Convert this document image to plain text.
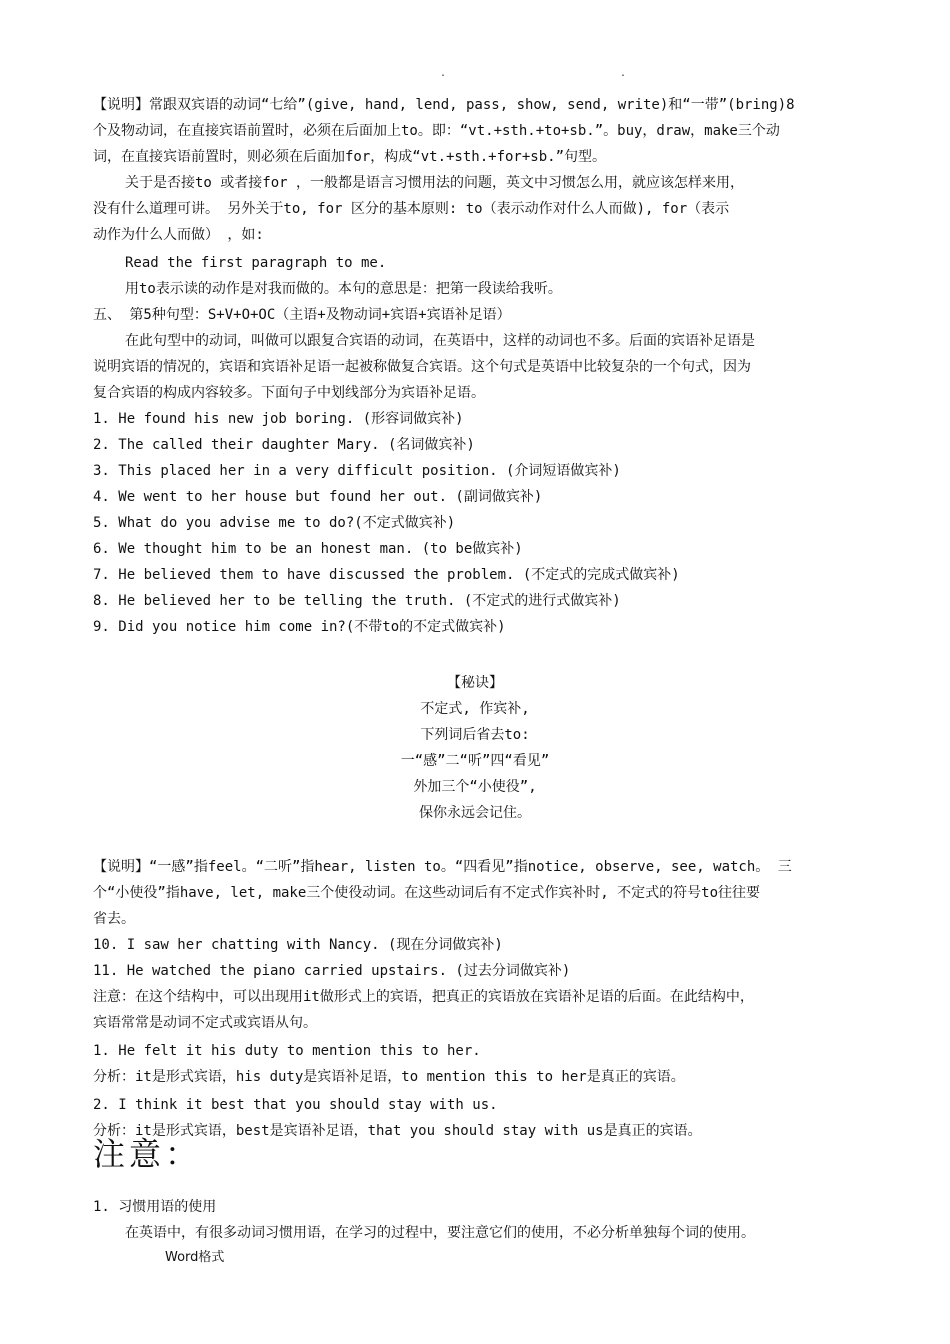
. .
【说明】常跟双宾语的动词“七给”(give, hand, lend, pass, show, send, write)和“一带”(bring)8
个及物动词，在直接宾语前置时，必须在后面加上to。即：“vt.+sth.+to+sb.”。buy，draw，make三个动
词，在直接宾语前置时，则必须在后面加for，构成“vt.+sth.+for+sb.”句型。
关于是否接to 或者接for ，一般都是语言习惯用法的问题，英文中习惯怎么用，就应该怎样来用，
没有什么道理可讲。 另外关于to, for 区分的基本原则: to（表示动作对什么人而做), for（表示
动作为什么人而做） ，如:
Read the first paragraph to me.
用to表示读的动作是对我而做的。本句的意思是：把第一段读给我听。
五、 第5种句型：S+V+O+OC（主语+及物动词+宾语+宾语补足语）
在此句型中的动词，叫做可以跟复合宾语的动词，在英语中，这样的动词也不多。后面的宾语补足语是
说明宾语的情况的，宾语和宾语补足语一起被称做复合宾语。这个句式是英语中比较复杂的一个句式，因为
复合宾语的构成内容较多。下面句子中划线部分为宾语补足语。
1. He found his new job boring. (形容词做宾补)
2. The called their daughter Mary. (名词做宾补)
3. This placed her in a very difficult position. (介词短语做宾补)
4. We went to her house but found her out. (副词做宾补)
5. What do you advise me to do?(不定式做宾补)
6. We thought him to be an honest man. (to be做宾补)
7. He believed them to have discussed the problem. (不定式的完成式做宾补)
8. He believed her to be telling the truth. (不定式的进行式做宾补)
9. Did you notice him come in?(不带to的不定式做宾补)
【秘诀】
不定式, 作宾补,
下列词后省去to:
一“感”二“听”四“看见”
外加三个“小使役”,
保你永远会记住。
【说明】“一感”指feel。“二听”指hear, listen to。“四看见”指notice, observe, see, watch。 三
个“小使役”指have, let, make三个使役动词。在这些动词后有不定式作宾补时, 不定式的符号to往往要
省去。
10. I saw her chatting with Nancy. (现在分词做宾补)
11. He watched the piano carried upstairs. (过去分词做宾补)
注意：在这个结构中，可以出现用it做形式上的宾语，把真正的宾语放在宾语补足语的后面。在此结构中，
宾语常常是动词不定式或宾语从句。
1. He felt it his duty to mention this to her.
分析：it是形式宾语，his duty是宾语补足语，to mention this to her是真正的宾语。
2. I think it best that you should stay with us.
分析：it是形式宾语，best是宾语补足语，that you should stay with us是真正的宾语。
注意：
1. 习惯用语的使用
在英语中，有很多动词习惯用语，在学习的过程中，要注意它们的使用，不必分析单独每个词的使用。
Word格式
